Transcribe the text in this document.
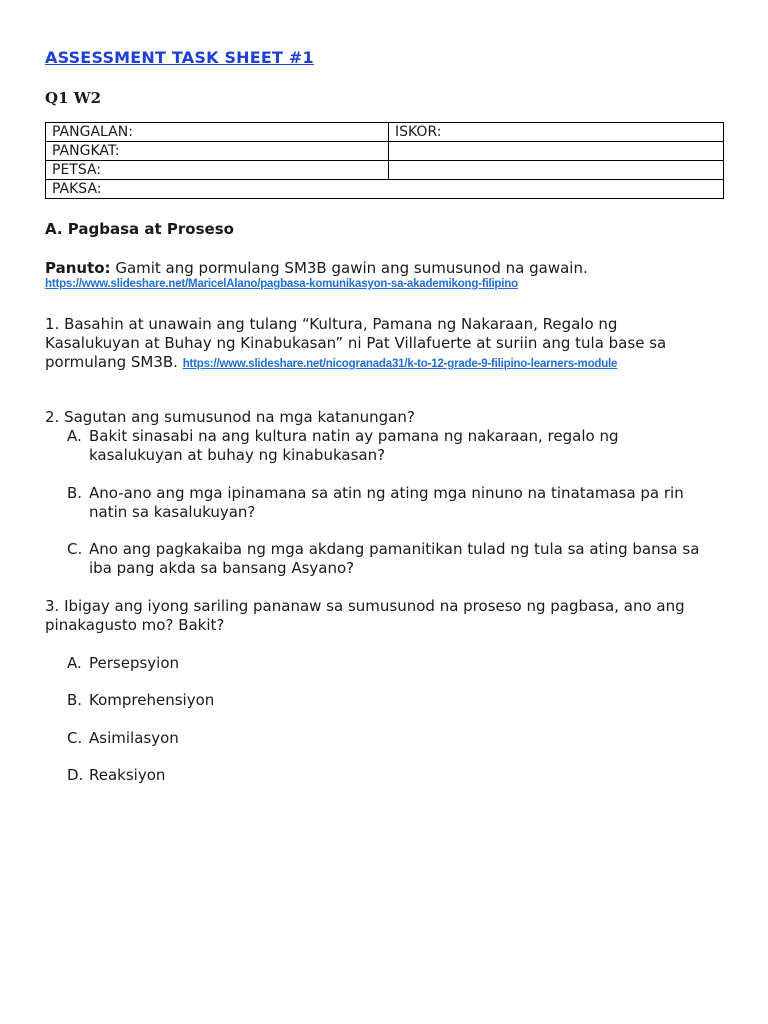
ASSESSMENT TASK SHEET #1
Q1 W2
PANGALAN:	ISKOR:
PANGKAT:	
PETSA:	
PAKSA:	
A. Pagbasa at Proseso
Panuto: Gamit ang pormulang SM3B gawin ang sumusunod na gawain.
https://www.slideshare.net/MaricelAlano/pagbasa-komunikasyon-sa-akademikong-filipino
1. Basahin at unawain ang tulang “Kultura, Pamana ng Nakaraan, Regalo ng
Kasalukuyan at Buhay ng Kinabukasan” ni Pat Villafuerte at suriin ang tula base sa
pormulang SM3B. https://www.slideshare.net/nicogranada31/k-to-12-grade-9-filipino-learners-module
2. Sagutan ang sumusunod na mga katanungan?
A. Bakit sinasabi na ang kultura natin ay pamana ng nakaraan, regalo ng
kasalukuyan at buhay ng kinabukasan?
B. Ano-ano ang mga ipinamana sa atin ng ating mga ninuno na tinatamasa pa rin
natin sa kasalukuyan?
C. Ano ang pagkakaiba ng mga akdang pamanitikan tulad ng tula sa ating bansa sa
iba pang akda sa bansang Asyano?
3. Ibigay ang iyong sariling pananaw sa sumusunod na proseso ng pagbasa, ano ang
pinakagusto mo? Bakit?
A. Persepsyion
B. Komprehensiyon
C. Asimilasyon
D. Reaksiyon
